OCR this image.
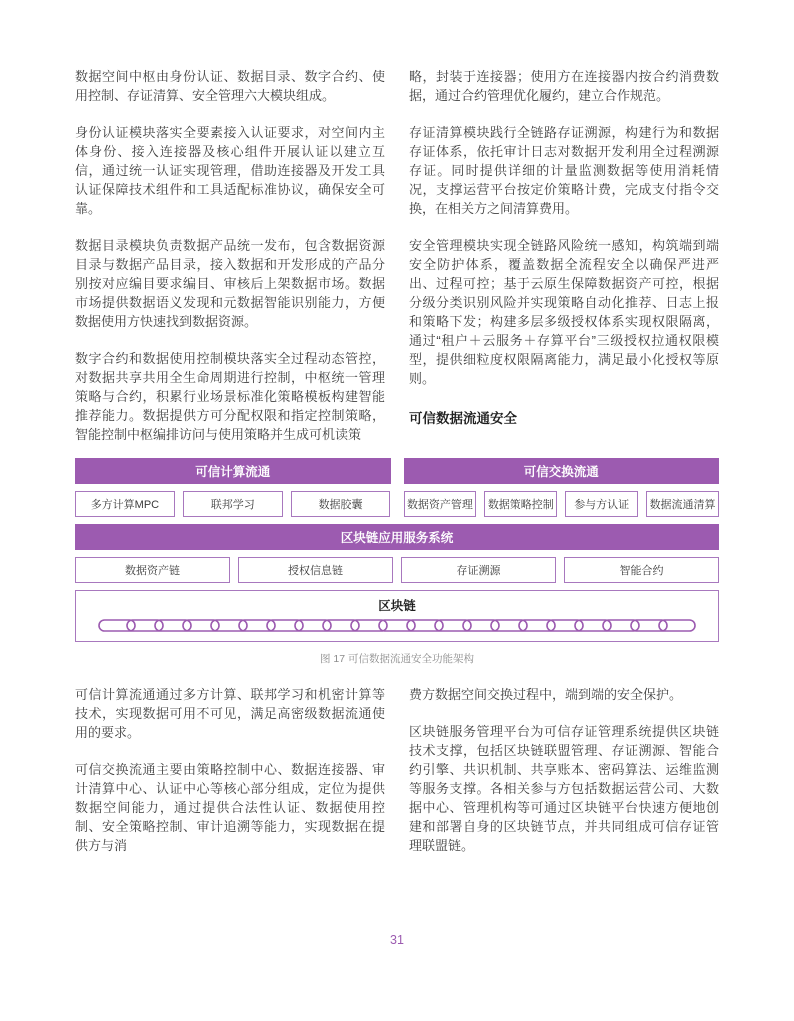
数据空间中枢由身份认证、数据目录、数字合约、使用控制、存证清算、安全管理六大模块组成。

身份认证模块落实全要素接入认证要求，对空间内主体身份、接入连接器及核心组件开展认证以建立互信，通过统一认证实现管理，借助连接器及开发工具认证保障技术组件和工具适配标准协议，确保安全可靠。

数据目录模块负责数据产品统一发布，包含数据资源目录与数据产品目录，接入数据和开发形成的产品分别按对应编目要求编目、审核后上架数据市场。数据市场提供数据语义发现和元数据智能识别能力，方便数据使用方快速找到数据资源。

数字合约和数据使用控制模块落实全过程动态管控，对数据共享共用全生命周期进行控制，中枢统一管理策略与合约，积累行业场景标准化策略模板构建智能推荐能力。数据提供方可分配权限和指定控制策略，智能控制中枢编排访问与使用策略并生成可机读策

略，封装于连接器；使用方在连接器内按合约消费数据，通过合约管理优化履约，建立合作规范。

存证清算模块践行全链路存证溯源，构建行为和数据存证体系，依托审计日志对数据开发利用全过程溯源存证。同时提供详细的计量监测数据等使用消耗情况，支撑运营平台按定价策略计费，完成支付指令交换，在相关方之间清算费用。

安全管理模块实现全链路风险统一感知，构筑端到端安全防护体系，覆盖数据全流程安全以确保严进严出、过程可控；基于云原生保障数据资产可控，根据分级分类识别风险并实现策略自动化推荐、日志上报和策略下发；构建多层多级授权体系实现权限隔离，通过“租户＋云服务＋存算平台”三级授权拉通权限模型，提供细粒度权限隔离能力，满足最小化授权等原则。

可信数据流通安全
可信计算流通	可信交换流通
多方计算MPC	联邦学习	数据胶囊	数据资产管理	数据策略控制	参与方认证	数据流通清算
区块链应用服务系统
数据资产链	授权信息链	存证溯源	智能合约
区块链
图 17 可信数据流通安全功能架构

可信计算流通通过多方计算、联邦学习和机密计算等技术，实现数据可用不可见，满足高密级数据流通使用的要求。

可信交换流通主要由策略控制中心、数据连接器、审计清算中心、认证中心等核心部分组成，定位为提供数据空间能力，通过提供合法性认证、数据使用控制、安全策略控制、审计追溯等能力，实现数据在提供方与消

费方数据空间交换过程中，端到端的安全保护。

区块链服务管理平台为可信存证管理系统提供区块链技术支撑，包括区块链联盟管理、存证溯源、智能合约引擎、共识机制、共享账本、密码算法、运维监测等服务支撑。各相关参与方包括数据运营公司、大数据中心、管理机构等可通过区块链平台快速方便地创建和部署自身的区块链节点，并共同组成可信存证管理联盟链。

31
